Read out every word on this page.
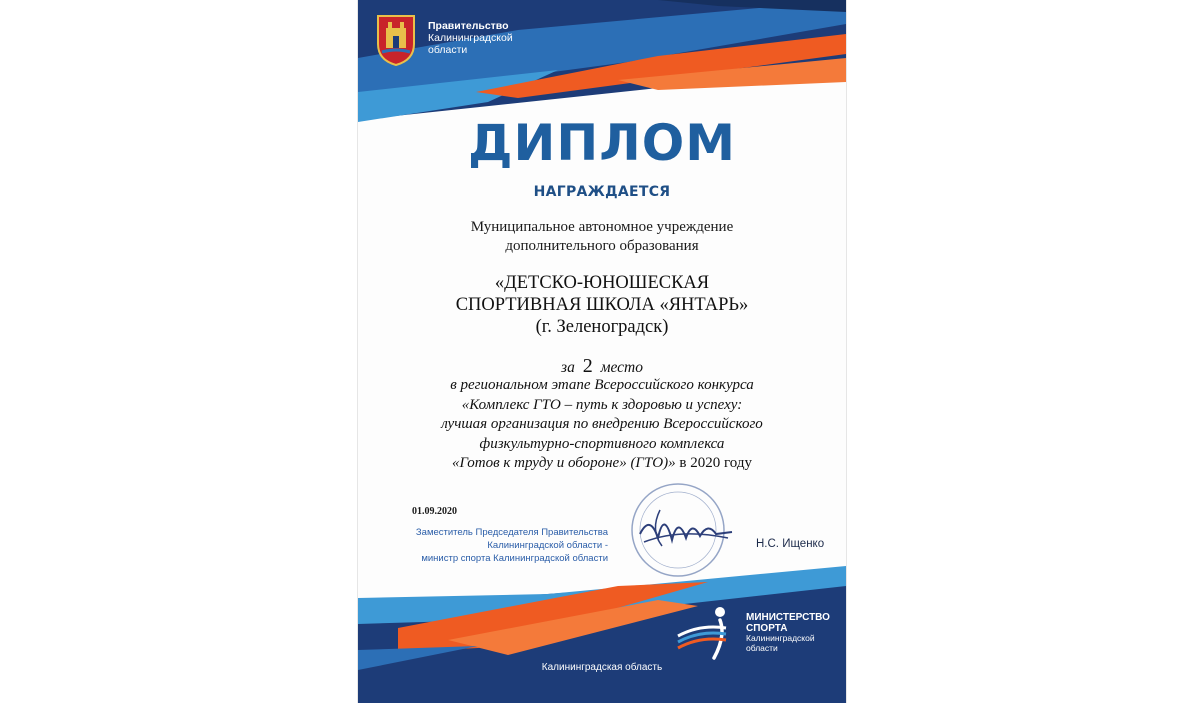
Правительство
Калининградской
области
ДИПЛОМ
НАГРАЖДАЕТСЯ
Муниципальное автономное учреждение
дополнительного образования
«ДЕТСКО-ЮНОШЕСКАЯ
СПОРТИВНАЯ ШКОЛА «ЯНТАРЬ»
(г. Зеленоградск)
за 2 место
в региональном этапе Всероссийского конкурса
«Комплекс ГТО – путь к здоровью и успеху:
лучшая организация по внедрению Всероссийского
физкультурно-спортивного комплекса
«Готов к труду и обороне» (ГТО)» в 2020 году
01.09.2020
Заместитель Председателя Правительства
Калининградской области -
министр спорта Калининградской области
Н.С. Ищенко
МИНИСТЕРСТВО
СПОРТА
Калининградской
области
Калининградская область
